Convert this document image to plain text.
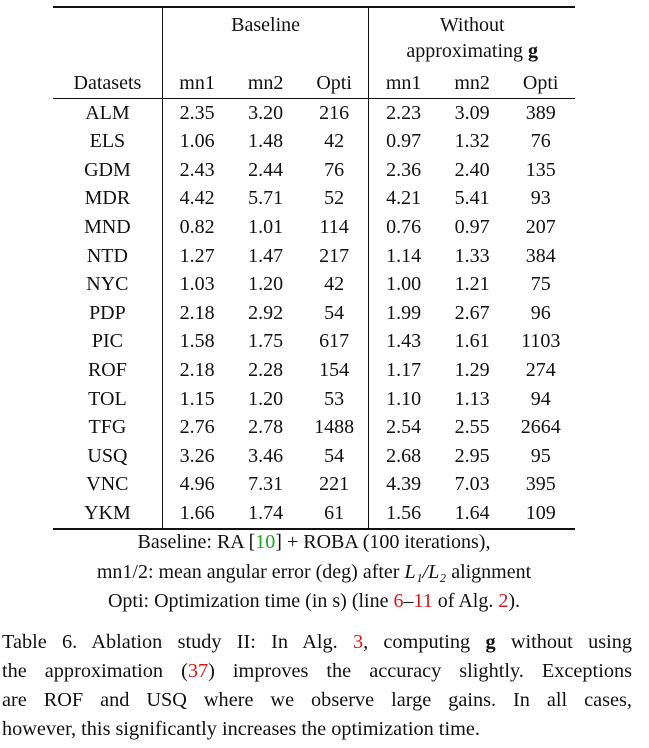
	Baseline			Without
approximating g		
Datasets	mn1	mn2	Opti	mn1	mn2	Opti
ALM	2.35	3.20	216	2.23	3.09	389
ELS	1.06	1.48	42	0.97	1.32	76
GDM	2.43	2.44	76	2.36	2.40	135
MDR	4.42	5.71	52	4.21	5.41	93
MND	0.82	1.01	114	0.76	0.97	207
NTD	1.27	1.47	217	1.14	1.33	384
NYC	1.03	1.20	42	1.00	1.21	75
PDP	2.18	2.92	54	1.99	2.67	96
PIC	1.58	1.75	617	1.43	1.61	1103
ROF	2.18	2.28	154	1.17	1.29	274
TOL	1.15	1.20	53	1.10	1.13	94
TFG	2.76	2.78	1488	2.54	2.55	2664
USQ	3.26	3.46	54	2.68	2.95	95
VNC	4.96	7.31	221	4.39	7.03	395
YKM	1.66	1.74	61	1.56	1.64	109
Baseline: RA [10] + ROBA (100 iterations),
mn1/2: mean angular error (deg) after L₁/L₂ alignment
Opti: Optimization time (in s) (line 6–11 of Alg. 2).
Table 6. Ablation study II: In Alg. 3, computing g without using
the approximation (37) improves the accuracy slightly. Exceptions
are ROF and USQ where we observe large gains. In all cases,
however, this significantly increases the optimization time.
